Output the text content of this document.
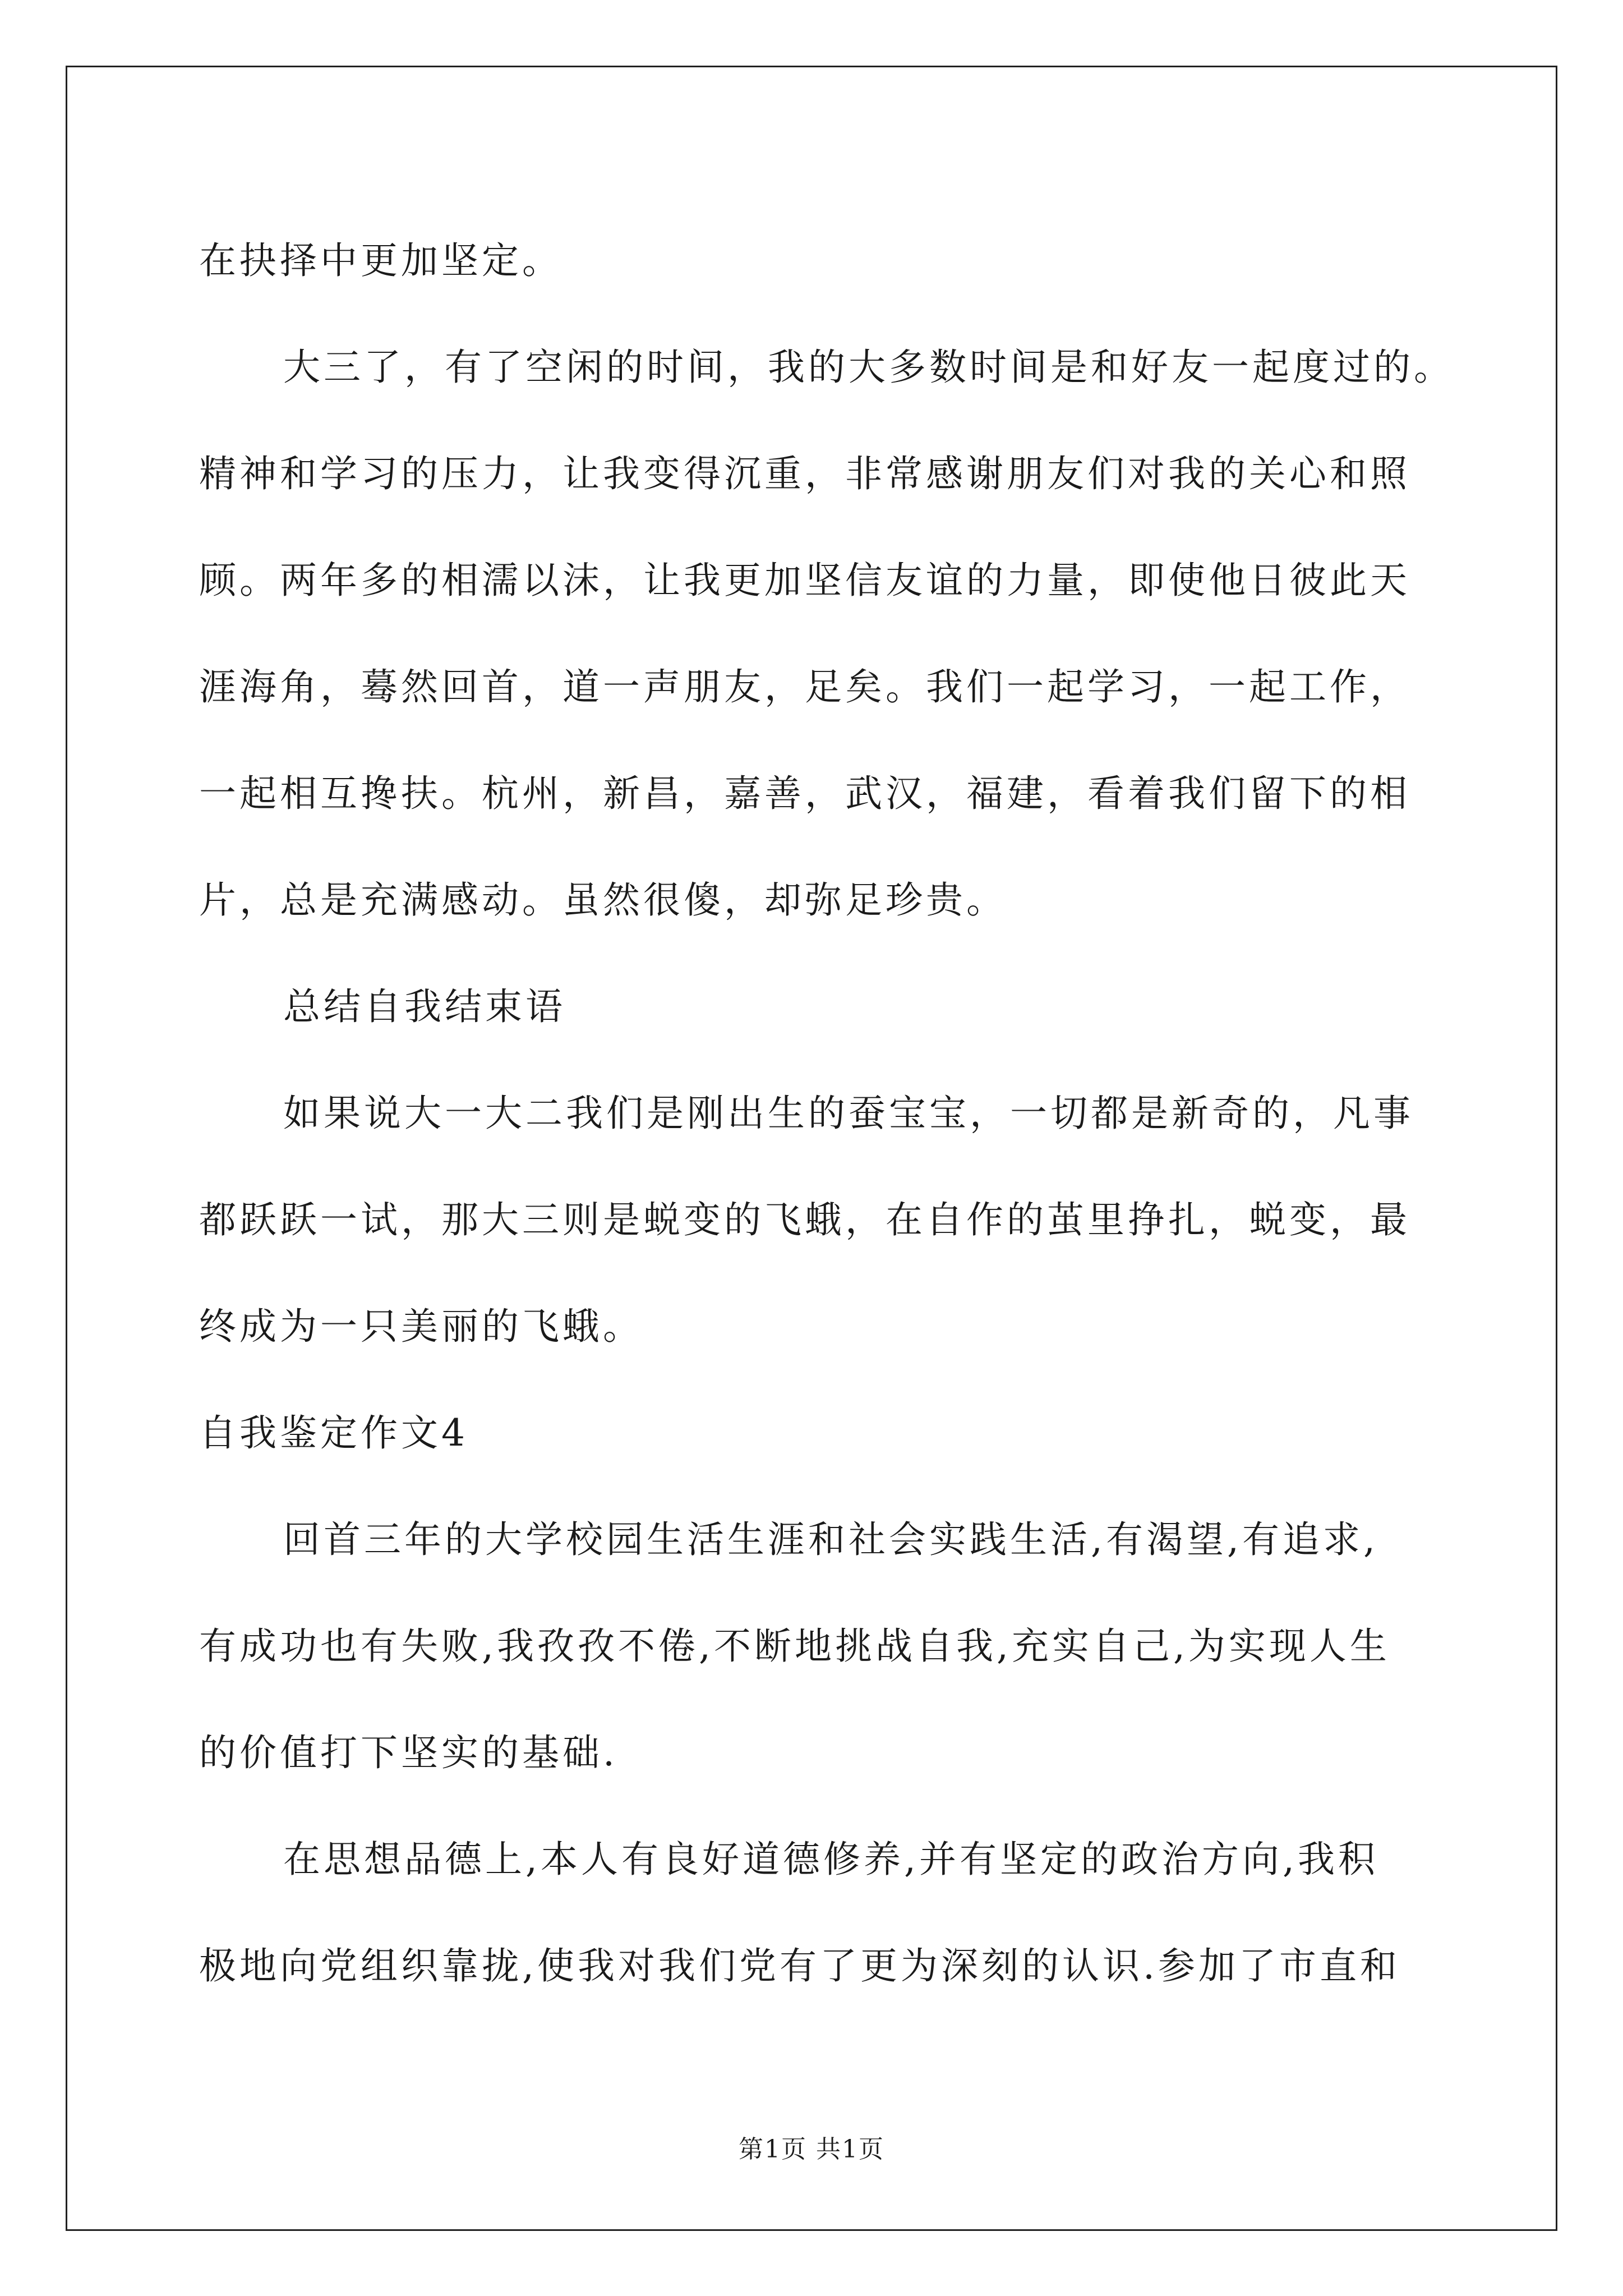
在抉择中更加坚定。
大三了，有了空闲的时间，我的大多数时间是和好友一起度过的。
精神和学习的压力，让我变得沉重，非常感谢朋友们对我的关心和照
顾。两年多的相濡以沫，让我更加坚信友谊的力量，即使他日彼此天
涯海角，蓦然回首，道一声朋友，足矣。我们一起学习，一起工作，
一起相互搀扶。杭州，新昌，嘉善，武汉，福建，看着我们留下的相
片，总是充满感动。虽然很傻，却弥足珍贵。
总结自我结束语
如果说大一大二我们是刚出生的蚕宝宝，一切都是新奇的，凡事
都跃跃一试，那大三则是蜕变的飞蛾，在自作的茧里挣扎，蜕变，最
终成为一只美丽的飞蛾。
自我鉴定作文4
回首三年的大学校园生活生涯和社会实践生活,有渴望,有追求,
有成功也有失败,我孜孜不倦,不断地挑战自我,充实自己,为实现人生
的价值打下坚实的基础.
在思想品德上,本人有良好道德修养,并有坚定的政治方向,我积
极地向党组织靠拢,使我对我们党有了更为深刻的认识.参加了市直和
第1页 共1页
